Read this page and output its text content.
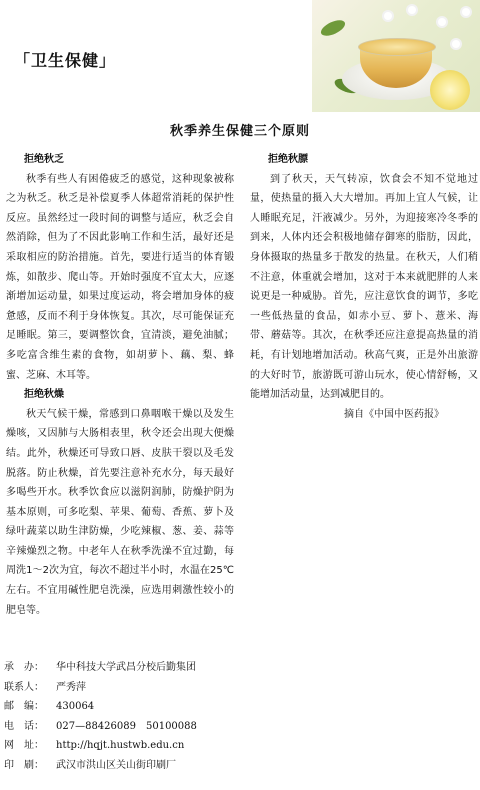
「卫生保健」
秋季养生保健三个原则
拒绝秋乏

秋季有些人有困倦疲乏的感觉，这种现象被称之为秋乏。秋乏是补偿夏季人体超常消耗的保护性反应。虽然经过一段时间的调整与适应，秋乏会自然消除，但为了不因此影响工作和生活，最好还是采取相应的防治措施。首先，要进行适当的体育锻炼，如散步、爬山等。开始时强度不宜太大，应逐渐增加运动量，如果过度运动，将会增加身体的疲惫感，反而不利于身体恢复。其次，尽可能保证充足睡眠。第三，要调整饮食，宜清淡，避免油腻；多吃富含维生素的食物，如胡萝卜、藕、梨、蜂蜜、芝麻、木耳等。

拒绝秋燥

秋天气候干燥，常感到口鼻咽喉干燥以及发生燥咳，又因肺与大肠相表里，秋令还会出现大便燥结。此外，秋燥还可导致口唇、皮肤干裂以及毛发脱落。防止秋燥，首先要注意补充水分，每天最好多喝些开水。秋季饮食应以滋阴润肺，防燥护阴为基本原则，可多吃梨、苹果、葡萄、香蕉、萝卜及绿叶蔬菜以助生津防燥，少吃辣椒、葱、姜、蒜等辛辣燥烈之物。中老年人在秋季洗澡不宜过勤，每周洗1～2次为宜，每次不超过半小时，水温在25℃左右。不宜用碱性肥皂洗澡，应选用刺激性较小的肥皂等。

拒绝秋膘

到了秋天，天气转凉，饮食会不知不觉地过量，使热量的摄入大大增加。再加上宜人气候，让人睡眠充足，汗液减少。另外，为迎接寒冷冬季的到来，人体内还会积极地储存御寒的脂肪，因此，身体摄取的热量多于散发的热量。在秋天，人们稍不注意，体重就会增加，这对于本来就肥胖的人来说更是一种威胁。首先，应注意饮食的调节，多吃一些低热量的食品，如赤小豆、萝卜、薏米、海带、蘑菇等。其次，在秋季还应注意提高热量的消耗，有计划地增加活动。秋高气爽，正是外出旅游的大好时节，旅游既可游山玩水，使心情舒畅，又能增加活动量，达到减肥目的。

摘自《中国中医药报》

承　办： 华中科技大学武昌分校后勤集团
联系人： 严秀萍
邮　编： 430064
电　话： 027—88426089　50100088
网　址： http://hqjt.hustwb.edu.cn
印　刷： 武汉市洪山区关山街印刷厂
